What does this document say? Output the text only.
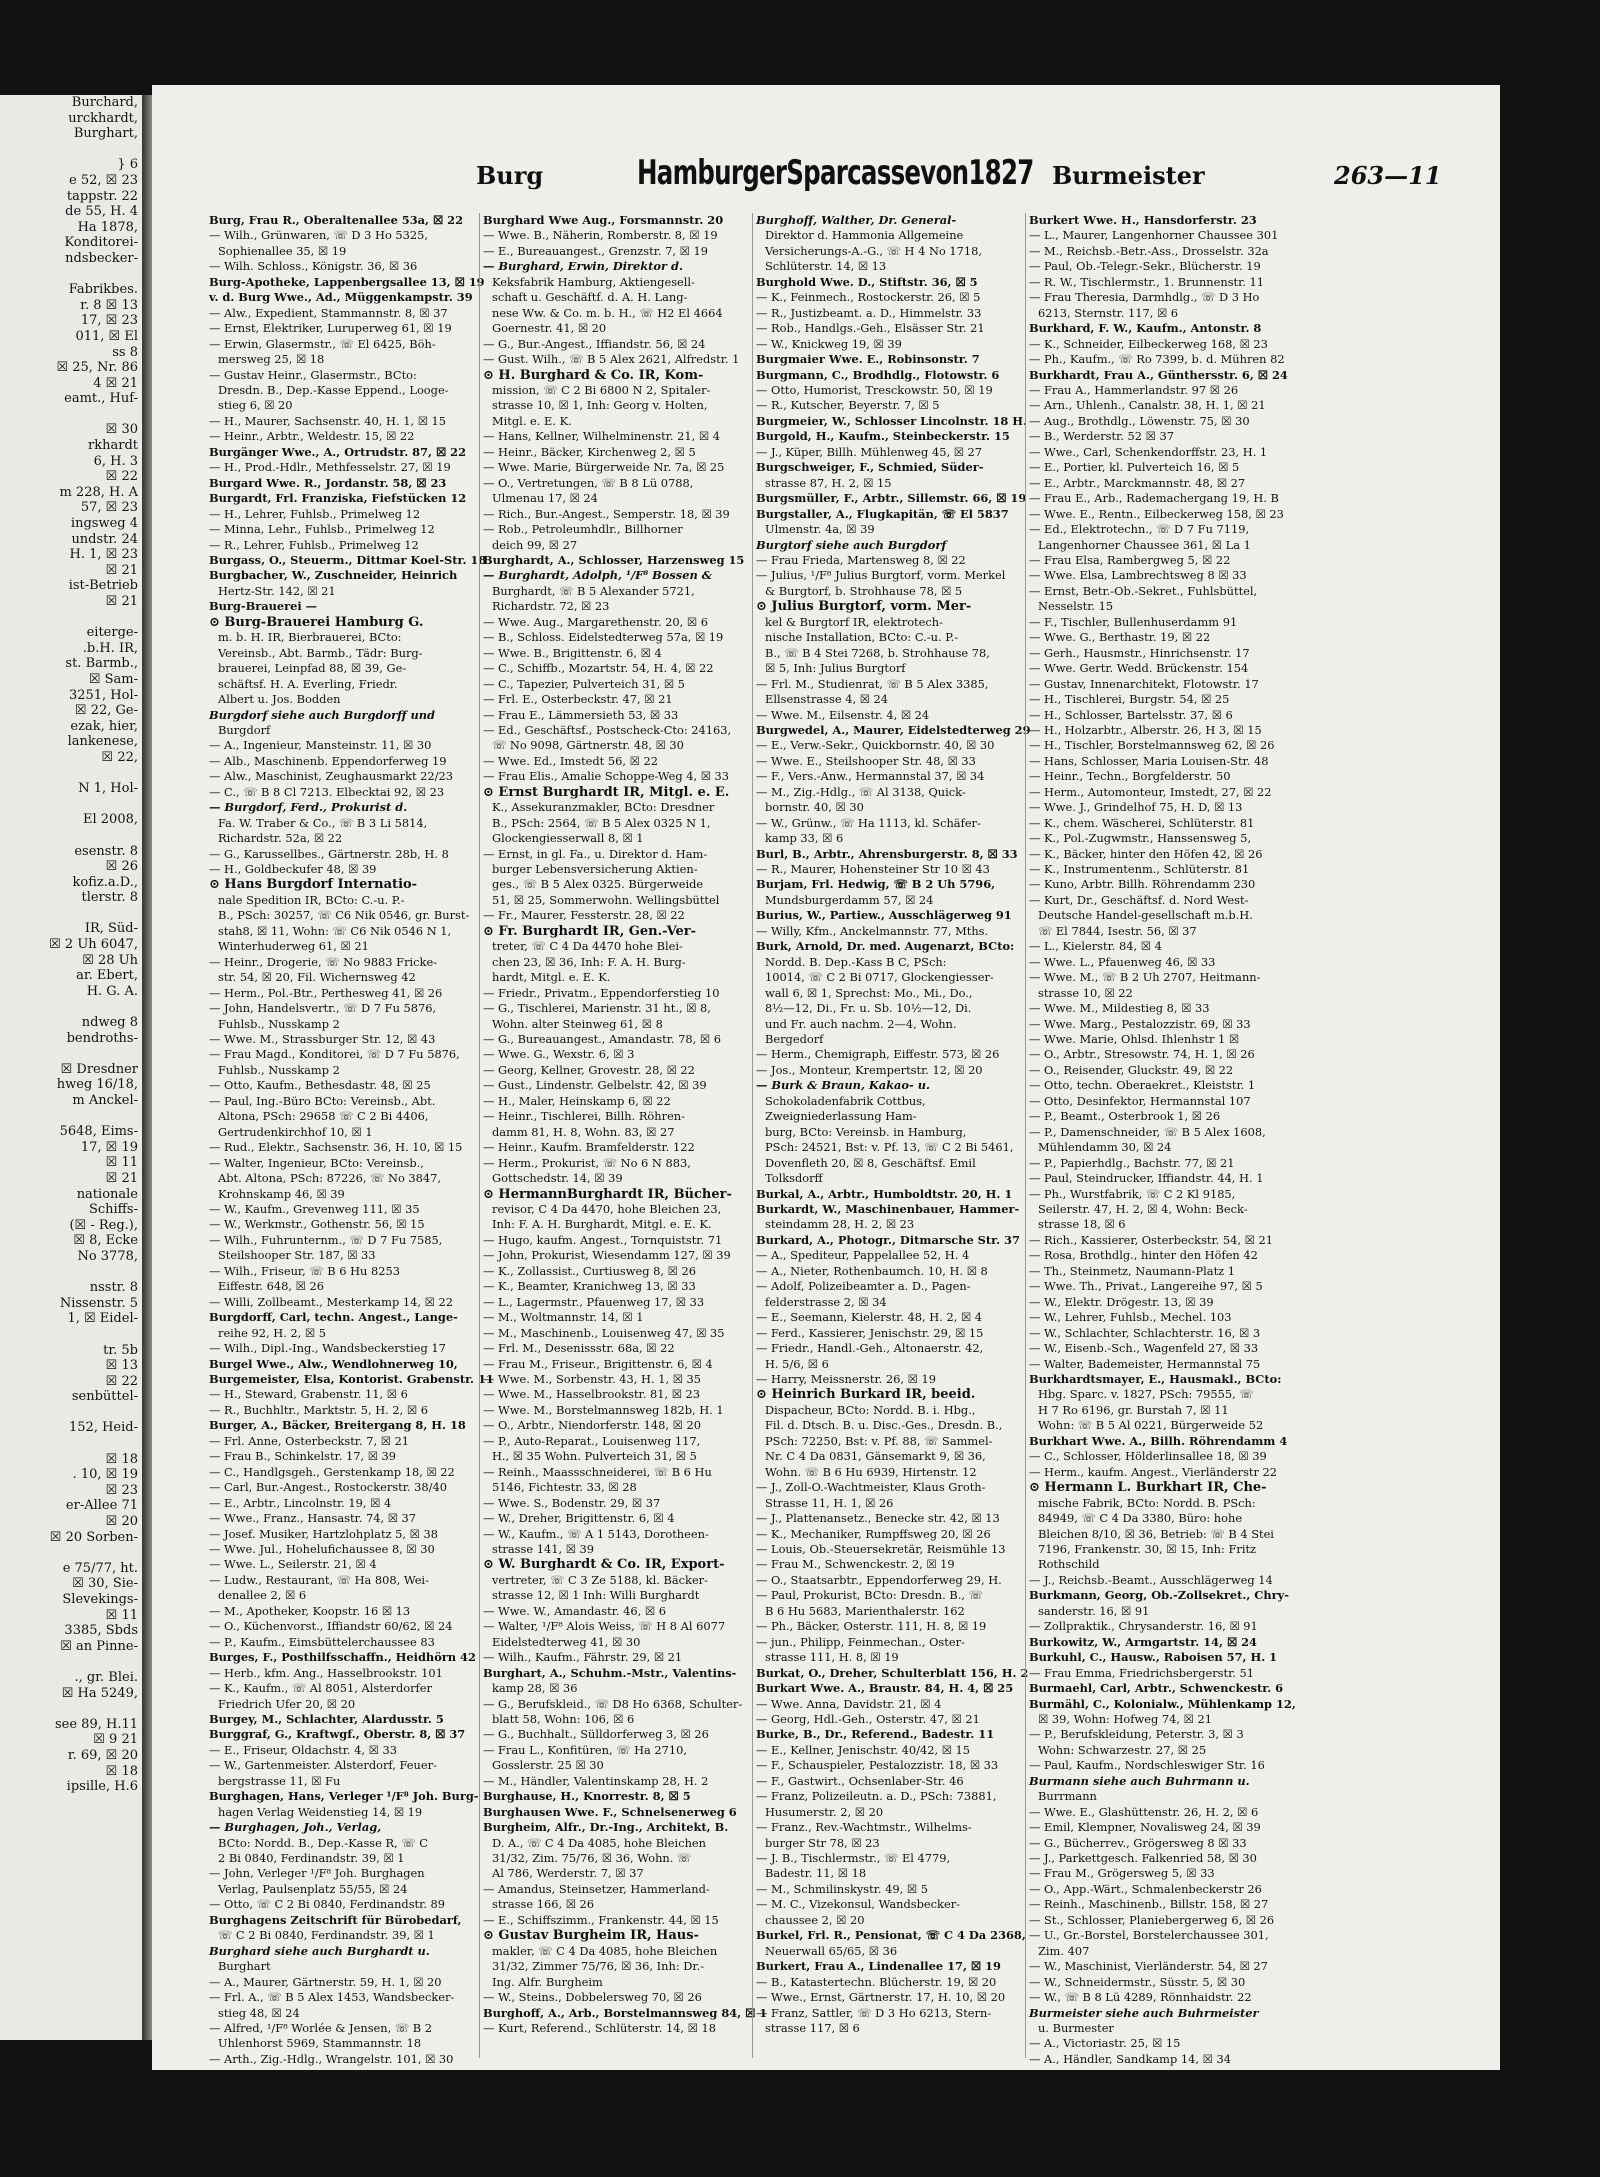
Burchard,
urckhardt,
Burghart,

} 6
e 52, ☒ 23
tappstr. 22
de 55, H. 4
Ha 1878,
Konditorei-
ndsbecker-

Fabrikbes.
r. 8 ☒ 13
17, ☒ 23
011, ☒ El
ss 8
☒ 25, Nr. 86
4 ☒ 21
eamt., Huf-

☒ 30
rkhardt
6, H. 3
☒ 22
m 228, H. A
57, ☒ 23
ingsweg 4
undstr. 24
H. 1, ☒ 23
☒ 21
ist-Betrieb
☒ 21

eiterge-
.b.H. IR,
st. Barmb.,
☒ Sam-
3251, Hol-
☒ 22, Ge-
ezak, hier,
lankenese,
☒ 22,

N 1, Hol-

El 2008,

esenstr. 8
☒ 26
kofiz.a.D.,
tlerstr. 8

IR, Süd-
☒ 2 Uh 6047,
☒ 28 Uh
ar. Ebert,
H. G. A.

ndweg 8
bendroths-

☒ Dresdner
hweg 16/18,
m Anckel-

5648, Eims-
17, ☒ 19
☒ 11
☒ 21
nationale
Schiffs-
(☒ - Reg.),
☒ 8, Ecke
No 3778,

nsstr. 8
Nissenstr. 5
1, ☒ Eidel-

tr. 5b
☒ 13
☒ 22
senbüttel-

152, Heid-

☒ 18
. 10, ☒ 19
☒ 23
er-Allee 71
☒ 20
☒ 20 Sorben-

e 75/77, ht.
☒ 30, Sie-
Slevekings-
☒ 11
3385, Sbds
☒ an Pinne-

., gr. Blei.
☒ Ha 5249,

see 89, H.11
☒ 9 21
r. 69, ☒ 20
☒ 18
ipsille, H.6
Burg	HamburgerSparcassevon1827 Burmeister	263—11
Burg, Frau R., Oberaltenallee 53a, ☒ 22
— Wilh., Grünwaren, ☏ D 3 Ho 5325,
Sophienallee 35, ☒ 19
— Wilh. Schloss., Königstr. 36, ☒ 36
Burg-Apotheke, Lappenbergsallee 13, ☒ 19
v. d. Burg Wwe., Ad., Müggenkampstr. 39
— Alw., Expedient, Stammannstr. 8, ☒ 37
— Ernst, Elektriker, Luruperweg 61, ☒ 19
— Erwin, Glasermstr., ☏ El 6425, Böh-
mersweg 25, ☒ 18
— Gustav Heinr., Glasermstr., BCto:
Dresdn. B., Dep.-Kasse Eppend., Looge-
stieg 6, ☒ 20
— H., Maurer, Sachsenstr. 40, H. 1, ☒ 15
— Heinr., Arbtr., Weldestr. 15, ☒ 22
Burgänger Wwe., A., Ortrudstr. 87, ☒ 22
— H., Prod.-Hdlr., Methfesselstr. 27, ☒ 19
Burgard Wwe. R., Jordanstr. 58, ☒ 23
Burgardt, Frl. Franziska, Fiefstücken 12
— H., Lehrer, Fuhlsb., Primelweg 12
— Minna, Lehr., Fuhlsb., Primelweg 12
— R., Lehrer, Fuhlsb., Primelweg 12
Burgass, O., Steuerm., Dittmar Koel-Str. 18
Burgbacher, W., Zuschneider, Heinrich
Hertz-Str. 142, ☒ 21
Burg-Brauerei —
⊙ Burg-Brauerei Hamburg G.
m. b. H. IR, Bierbrauerei, BCto:
Vereinsb., Abt. Barmb., Tädr: Burg-
brauerei, Leinpfad 88, ☒ 39, Ge-
schäftsf. H. A. Everling, Friedr.
Albert u. Jos. Bodden
Burgdorf siehe auch Burgdorff und
Burgdorf
— A., Ingenieur, Mansteinstr. 11, ☒ 30
— Alb., Maschinenb. Eppendorferweg 19
— Alw., Maschinist, Zeughausmarkt 22/23
— C., ☏ B 8 Cl 7213. Elbecktai 92, ☒ 23
— Burgdorf, Ferd., Prokurist d.
Fa. W. Traber & Co., ☏ B 3 Li 5814,
Richardstr. 52a, ☒ 22
— G., Karussellbes., Gärtnerstr. 28b, H. 8
— H., Goldbeckufer 48, ☒ 39
⊙ Hans Burgdorf Internatio-
nale Spedition IR, BCto: C.-u. P.-
B., PSch: 30257, ☏ C6 Nik 0546, gr. Burst-
stah8, ☒ 11, Wohn: ☏ C6 Nik 0546 N 1,
Winterhuderweg 61, ☒ 21
— Heinr., Drogerie, ☏ No 9883 Fricke-
str. 54, ☒ 20, Fil. Wichernsweg 42
— Herm., Pol.-Btr., Perthesweg 41, ☒ 26
— John, Handelsvertr., ☏ D 7 Fu 5876,
Fuhlsb., Nusskamp 2
— Wwe. M., Strassburger Str. 12, ☒ 43
— Frau Magd., Konditorei, ☏ D 7 Fu 5876,
Fuhlsb., Nusskamp 2
— Otto, Kaufm., Bethesdastr. 48, ☒ 25
— Paul, Ing.-Büro BCto: Vereinsb., Abt.
Altona, PSch: 29658 ☏ C 2 Bi 4406,
Gertrudenkirchhof 10, ☒ 1
— Rud., Elektr., Sachsenstr. 36, H. 10, ☒ 15
— Walter, Ingenieur, BCto: Vereinsb.,
Abt. Altona, PSch: 87226, ☏ No 3847,
Krohnskamp 46, ☒ 39
— W., Kaufm., Grevenweg 111, ☒ 35
— W., Werkmstr., Gothenstr. 56, ☒ 15
— Wilh., Fuhrunternm., ☏ D 7 Fu 7585,
Steilshooper Str. 187, ☒ 33
— Wilh., Friseur, ☏ B 6 Hu 8253
Eiffestr. 648, ☒ 26
— Willi, Zollbeamt., Mesterkamp 14, ☒ 22
Burgdorff, Carl, techn. Angest., Lange-
reihe 92, H. 2, ☒ 5
— Wilh., Dipl.-Ing., Wandsbeckerstieg 17
Burgel Wwe., Alw., Wendlohnerweg 10,
Burgemeister, Elsa, Kontorist. Grabenstr. 11
— H., Steward, Grabenstr. 11, ☒ 6
— R., Buchhltr., Marktstr. 5, H. 2, ☒ 6
Burger, A., Bäcker, Breitergang 8, H. 18
— Frl. Anne, Osterbeckstr. 7, ☒ 21
— Frau B., Schinkelstr. 17, ☒ 39
— C., Handlgsgeh., Gerstenkamp 18, ☒ 22
— Carl, Bur.-Angest., Rostockerstr. 38/40
— E., Arbtr., Lincolnstr. 19, ☒ 4
— Wwe., Franz., Hansastr. 74, ☒ 37
— Josef. Musiker, Hartzlohplatz 5, ☒ 38
— Wwe. Jul., Hohelufichaussee 8, ☒ 30
— Wwe. L., Seilerstr. 21, ☒ 4
— Ludw., Restaurant, ☏ Ha 808, Wei-
denallee 2, ☒ 6
— M., Apotheker, Koopstr. 16 ☒ 13
— O., Küchenvorst., Iffiandstr 60/62, ☒ 24
— P., Kaufm., Eimsbüttelerchaussee 83
Burges, F., Posthilfsschaffn., Heidhörn 42
— Herb., kfm. Ang., Hasselbrookstr. 101
— K., Kaufm., ☏ Al 8051, Alsterdorfer
Friedrich Ufer 20, ☒ 20
Burgey, M., Schlachter, Alardusstr. 5
Burggraf, G., Kraftwgf., Oberstr. 8, ☒ 37
— E., Friseur, Oldachstr. 4, ☒ 33
— W., Gartenmeister. Alsterdorf, Feuer-
bergstrasse 11, ☒ Fu
Burghagen, Hans, Verleger ¹/F⁸ Joh. Burg-
hagen Verlag Weidenstieg 14, ☒ 19
— Burghagen, Joh., Verlag,
BCto: Nordd. B., Dep.-Kasse R, ☏ C
2 Bi 0840, Ferdinandstr. 39, ☒ 1
— John, Verleger ¹/F⁸ Joh. Burghagen
Verlag, Paulsenplatz 55/55, ☒ 24
— Otto, ☏ C 2 Bi 0840, Ferdinandstr. 89
Burghagens Zeitschrift für Bürobedarf,
☏ C 2 Bi 0840, Ferdinandstr. 39, ☒ 1
Burghard siehe auch Burghardt u.
Burghart
— A., Maurer, Gärtnerstr. 59, H. 1, ☒ 20
— Frl. A., ☏ B 5 Alex 1453, Wandsbecker-
stieg 48, ☒ 24
— Alfred, ¹/F⁸ Worlée & Jensen, ☏ B 2
Uhlenhorst 5969, Stammannstr. 18
— Arth., Zig.-Hdlg., Wrangelstr. 101, ☒ 30
Burghard Wwe Aug., Forsmannstr. 20
— Wwe. B., Näherin, Romberstr. 8, ☒ 19
— E., Bureauangest., Grenzstr. 7, ☒ 19
— Burghard, Erwin, Direktor d.
Keksfabrik Hamburg, Aktiengesell-
schaft u. Geschäftf. d. A. H. Lang-
nese Ww. & Co. m. b. H., ☏ H2 El 4664
Goernestr. 41, ☒ 20
— G., Bur.-Angest., Iffiandstr. 56, ☒ 24
— Gust. Wilh., ☏ B 5 Alex 2621, Alfredstr. 1
⊙ H. Burghard & Co. IR, Kom-
mission, ☏ C 2 Bi 6800 N 2, Spitaler-
strasse 10, ☒ 1, Inh: Georg v. Holten,
Mitgl. e. E. K.
— Hans, Kellner, Wilhelminenstr. 21, ☒ 4
— Heinr., Bäcker, Kirchenweg 2, ☒ 5
— Wwe. Marie, Bürgerweide Nr. 7a, ☒ 25
— O., Vertretungen, ☏ B 8 Lü 0788,
Ulmenau 17, ☒ 24
— Rich., Bur.-Angest., Semperstr. 18, ☒ 39
— Rob., Petroleumhdlr., Billhorner
deich 99, ☒ 27
Burghardt, A., Schlosser, Harzensweg 15
— Burghardt, Adolph, ¹/F⁸ Bossen &
Burghardt, ☏ B 5 Alexander 5721,
Richardstr. 72, ☒ 23
— Wwe. Aug., Margarethenstr. 20, ☒ 6
— B., Schloss. Eidelstedterweg 57a, ☒ 19
— Wwe. B., Brigittenstr. 6, ☒ 4
— C., Schiffb., Mozartstr. 54, H. 4, ☒ 22
— C., Tapezier, Pulverteich 31, ☒ 5
— Frl. E., Osterbeckstr. 47, ☒ 21
— Frau E., Lämmersieth 53, ☒ 33
— Ed., Geschäftsf., Postscheck-Cto: 24163,
☏ No 9098, Gärtnerstr. 48, ☒ 30
— Wwe. Ed., Imstedt 56, ☒ 22
— Frau Elis., Amalie Schoppe-Weg 4, ☒ 33
⊙ Ernst Burghardt IR, Mitgl. e. E.
K., Assekuranzmakler, BCto: Dresdner
B., PSch: 2564, ☏ B 5 Alex 0325 N 1,
Glockengiesserwall 8, ☒ 1
— Ernst, in gl. Fa., u. Direktor d. Ham-
burger Lebensversicherung Aktien-
ges., ☏ B 5 Alex 0325. Bürgerweide
51, ☒ 25, Sommerwohn. Wellingsbüttel
— Fr., Maurer, Fessterstr. 28, ☒ 22
⊙ Fr. Burghardt IR, Gen.-Ver-
treter, ☏ C 4 Da 4470 hohe Blei-
chen 23, ☒ 36, Inh: F. A. H. Burg-
hardt, Mitgl. e. E. K.
— Friedr., Privatm., Eppendorferstieg 10
— G., Tischlerei, Marienstr. 31 ht., ☒ 8,
Wohn. alter Steinweg 61, ☒ 8
— G., Bureauangest., Amandastr. 78, ☒ 6
— Wwe. G., Wexstr. 6, ☒ 3
— Georg, Kellner, Grovestr. 28, ☒ 22
— Gust., Lindenstr. Gelbelstr. 42, ☒ 39
— H., Maler, Heinskamp 6, ☒ 22
— Heinr., Tischlerei, Billh. Röhren-
damm 81, H. 8, Wohn. 83, ☒ 27
— Heinr., Kaufm. Bramfelderstr. 122
— Herm., Prokurist, ☏ No 6 N 883,
Gottschedstr. 14, ☒ 39
⊙ HermannBurghardt IR, Bücher-
revisor, C 4 Da 4470, hohe Bleichen 23,
Inh: F. A. H. Burghardt, Mitgl. e. E. K.
— Hugo, kaufm. Angest., Tornquiststr. 71
— John, Prokurist, Wiesendamm 127, ☒ 39
— K., Zollassist., Curtiusweg 8, ☒ 26
— K., Beamter, Kranichweg 13, ☒ 33
— L., Lagermstr., Pfauenweg 17, ☒ 33
— M., Woltmannstr. 14, ☒ 1
— M., Maschinenb., Louisenweg 47, ☒ 35
— Frl. M., Desenissstr. 68a, ☒ 22
— Frau M., Friseur., Brigittenstr. 6, ☒ 4
— Wwe. M., Sorbenstr. 43, H. 1, ☒ 35
— Wwe. M., Hasselbrookstr. 81, ☒ 23
— Wwe. M., Borstelmannsweg 182b, H. 1
— O., Arbtr., Niendorferstr. 148, ☒ 20
— P., Auto-Reparat., Louisenweg 117,
H., ☒ 35 Wohn. Pulverteich 31, ☒ 5
— Reinh., Maassschneiderei, ☏ B 6 Hu
5146, Fichtestr. 33, ☒ 28
— Wwe. S., Bodenstr. 29, ☒ 37
— W., Dreher, Brigittenstr. 6, ☒ 4
— W., Kaufm., ☏ A 1 5143, Dorotheen-
strasse 141, ☒ 39
⊙ W. Burghardt & Co. IR, Export-
vertreter, ☏ C 3 Ze 5188, kl. Bäcker-
strasse 12, ☒ 1 Inh: Willi Burghardt
— Wwe. W., Amandastr. 46, ☒ 6
— Walter, ¹/F⁸ Alois Weiss, ☏ H 8 Al 6077
Eidelstedterweg 41, ☒ 30
— Wilh., Kaufm., Fährstr. 29, ☒ 21
Burghart, A., Schuhm.-Mstr., Valentins-
kamp 28, ☒ 36
— G., Berufskleid., ☏ D8 Ho 6368, Schulter-
blatt 58, Wohn: 106, ☒ 6
— G., Buchhalt., Sülldorferweg 3, ☒ 26
— Frau L., Konfitüren, ☏ Ha 2710,
Gosslerstr. 25 ☒ 30
— M., Händler, Valentinskamp 28, H. 2
Burghause, H., Knorrestr. 8, ☒ 5
Burghausen Wwe. F., Schnelsenerweg 6
Burgheim, Alfr., Dr.-Ing., Architekt, B.
D. A., ☏ C 4 Da 4085, hohe Bleichen
31/32, Zim. 75/76, ☒ 36, Wohn. ☏
Al 786, Werderstr. 7, ☒ 37
— Amandus, Steinsetzer, Hammerland-
strasse 166, ☒ 26
— E., Schiffszimm., Frankenstr. 44, ☒ 15
⊙ Gustav Burgheim IR, Haus-
makler, ☏ C 4 Da 4085, hohe Bleichen
31/32, Zimmer 75/76, ☒ 36, Inh: Dr.-
Ing. Alfr. Burgheim
— W., Steins., Dobbelersweg 70, ☒ 26
Burghoff, A., Arb., Borstelmannsweg 84, ☒ 1
— Kurt, Referend., Schlüterstr. 14, ☒ 18
Burghoff, Walther, Dr. General-
Direktor d. Hammonia Allgemeine
Versicherungs-A.-G., ☏ H 4 No 1718,
Schlüterstr. 14, ☒ 13
Burghold Wwe. D., Stiftstr. 36, ☒ 5
— K., Feinmech., Rostockerstr. 26, ☒ 5
— R., Justizbeamt. a. D., Himmelstr. 33
— Rob., Handlgs.-Geh., Elsässer Str. 21
— W., Knickweg 19, ☒ 39
Burgmaier Wwe. E., Robinsonstr. 7
Burgmann, C., Brodhdlg., Flotowstr. 6
— Otto, Humorist, Tresckowstr. 50, ☒ 19
— R., Kutscher, Beyerstr. 7, ☒ 5
Burgmeier, W., Schlosser Lincolnstr. 18 H.
Burgold, H., Kaufm., Steinbeckerstr. 15
— J., Küper, Billh. Mühlenweg 45, ☒ 27
Burgschweiger, F., Schmied, Süder-
strasse 87, H. 2, ☒ 15
Burgsmüller, F., Arbtr., Sillemstr. 66, ☒ 19
Burgstaller, A., Flugkapitän, ☏ El 5837
Ulmenstr. 4a, ☒ 39
Burgtorf siehe auch Burgdorf
— Frau Frieda, Martensweg 8, ☒ 22
— Julius, ¹/F⁸ Julius Burgtorf, vorm. Merkel
& Burgtorf, b. Strohhause 78, ☒ 5
⊙ Julius Burgtorf, vorm. Mer-
kel & Burgtorf IR, elektrotech-
nische Installation, BCto: C.-u. P.-
B., ☏ B 4 Stei 7268, b. Strohhause 78,
☒ 5, Inh: Julius Burgtorf
— Frl. M., Studienrat, ☏ B 5 Alex 3385,
Ellsenstrasse 4, ☒ 24
— Wwe. M., Eilsenstr. 4, ☒ 24
Burgwedel, A., Maurer, Eidelstedterweg 29
— E., Verw.-Sekr., Quickbornstr. 40, ☒ 30
— Wwe. E., Steilshooper Str. 48, ☒ 33
— F., Vers.-Anw., Hermannstal 37, ☒ 34
— M., Zig.-Hdlg., ☏ Al 3138, Quick-
bornstr. 40, ☒ 30
— W., Grünw., ☏ Ha 1113, kl. Schäfer-
kamp 33, ☒ 6
Burl, B., Arbtr., Ahrensburgerstr. 8, ☒ 33
— R., Maurer, Hohensteiner Str 10 ☒ 43
Burjam, Frl. Hedwig, ☏ B 2 Uh 5796,
Mundsburgerdamm 57, ☒ 24
Burius, W., Partiew., Ausschlägerweg 91
— Willy, Kfm., Anckelmannstr. 77, Mths.
Burk, Arnold, Dr. med. Augenarzt, BCto:
Nordd. B. Dep.-Kass B C, PSch:
10014, ☏ C 2 Bi 0717, Glockengiesser-
wall 6, ☒ 1, Sprechst: Mo., Mi., Do.,
8½—12, Di., Fr. u. Sb. 10½—12, Di.
und Fr. auch nachm. 2—4, Wohn.
Bergedorf
— Herm., Chemigraph, Eiffestr. 573, ☒ 26
— Jos., Monteur, Krempertstr. 12, ☒ 20
— Burk & Braun, Kakao- u.
Schokoladenfabrik Cottbus,
Zweigniederlassung Ham-
burg, BCto: Vereinsb. in Hamburg,
PSch: 24521, Bst: v. Pf. 13, ☏ C 2 Bi 5461,
Dovenfleth 20, ☒ 8, Geschäftsf. Emil
Tolksdorff
Burkal, A., Arbtr., Humboldtstr. 20, H. 1
Burkardt, W., Maschinenbauer, Hammer-
steindamm 28, H. 2, ☒ 23
Burkard, A., Photogr., Ditmarsche Str. 37
— A., Spediteur, Pappelallee 52, H. 4
— A., Nieter, Rothenbaumch. 10, H. ☒ 8
— Adolf, Polizeibeamter a. D., Pagen-
felderstrasse 2, ☒ 34
— E., Seemann, Kielerstr. 48, H. 2, ☒ 4
— Ferd., Kassierer, Jenischstr. 29, ☒ 15
— Friedr., Handl.-Geh., Altonaerstr. 42,
H. 5/6, ☒ 6
— Harry, Meissnerstr. 26, ☒ 19
⊙ Heinrich Burkard IR, beeid.
Dispacheur, BCto: Nordd. B. i. Hbg.,
Fil. d. Dtsch. B. u. Disc.-Ges., Dresdn. B.,
PSch: 72250, Bst: v. Pf. 88, ☏ Sammel-
Nr. C 4 Da 0831, Gänsemarkt 9, ☒ 36,
Wohn. ☏ B 6 Hu 6939, Hirtenstr. 12
— J., Zoll-O.-Wachtmeister, Klaus Groth-
Strasse 11, H. 1, ☒ 26
— J., Plattenansetz., Benecke str. 42, ☒ 13
— K., Mechaniker, Rumpffsweg 20, ☒ 26
— Louis, Ob.-Steuersekretär, Reismühle 13
— Frau M., Schwenckestr. 2, ☒ 19
— O., Staatsarbtr., Eppendorferweg 29, H.
— Paul, Prokurist, BCto: Dresdn. B., ☏
B 6 Hu 5683, Marienthalerstr. 162
— Ph., Bäcker, Osterstr. 111, H. 8, ☒ 19
— jun., Philipp, Feinmechan., Oster-
strasse 111, H. 8, ☒ 19
Burkat, O., Dreher, Schulterblatt 156, H. 2
Burkart Wwe. A., Braustr. 84, H. 4, ☒ 25
— Wwe. Anna, Davidstr. 21, ☒ 4
— Georg, Hdl.-Geh., Osterstr. 47, ☒ 21
Burke, B., Dr., Referend., Badestr. 11
— E., Kellner, Jenischstr. 40/42, ☒ 15
— F., Schauspieler, Pestalozzistr. 18, ☒ 33
— F., Gastwirt., Ochsenlaber-Str. 46
— Franz, Polizeileutn. a. D., PSch: 73881,
Husumerstr. 2, ☒ 20
— Franz., Rev.-Wachtmstr., Wilhelms-
burger Str 78, ☒ 23
— J. B., Tischlermstr., ☏ El 4779,
Badestr. 11, ☒ 18
— M., Schmilinskystr. 49, ☒ 5
— M. C., Vizekonsul, Wandsbecker-
chaussee 2, ☒ 20
Burkel, Frl. R., Pensionat, ☏ C 4 Da 2368,
Neuerwall 65/65, ☒ 36
Burkert, Frau A., Lindenallee 17, ☒ 19
— B., Katastertechn. Blücherstr. 19, ☒ 20
— Wwe., Ernst, Gärtnerstr. 17, H. 10, ☒ 20
— Franz, Sattler, ☏ D 3 Ho 6213, Stern-
strasse 117, ☒ 6
Burkert Wwe. H., Hansdorferstr. 23
— L., Maurer, Langenhorner Chaussee 301
— M., Reichsb.-Betr.-Ass., Drosselstr. 32a
— Paul, Ob.-Telegr.-Sekr., Blücherstr. 19
— R. W., Tischlermstr., 1. Brunnenstr. 11
— Frau Theresia, Darmhdlg., ☏ D 3 Ho
6213, Sternstr. 117, ☒ 6
Burkhard, F. W., Kaufm., Antonstr. 8
— K., Schneider, Eilbeckerweg 168, ☒ 23
— Ph., Kaufm., ☏ Ro 7399, b. d. Mühren 82
Burkhardt, Frau A., Günthersstr. 6, ☒ 24
— Frau A., Hammerlandstr. 97 ☒ 26
— Arn., Uhlenh., Canalstr. 38, H. 1, ☒ 21
— Aug., Brothdlg., Löwenstr. 75, ☒ 30
— B., Werderstr. 52 ☒ 37
— Wwe., Carl, Schenkendorffstr. 23, H. 1
— E., Portier, kl. Pulverteich 16, ☒ 5
— E., Arbtr., Marckmannstr. 48, ☒ 27
— Frau E., Arb., Rademachergang 19, H. B
— Wwe. E., Rentn., Eilbeckerweg 158, ☒ 23
— Ed., Elektrotechn., ☏ D 7 Fu 7119,
Langenhorner Chaussee 361, ☒ La 1
— Frau Elsa, Rambergweg 5, ☒ 22
— Wwe. Elsa, Lambrechtsweg 8 ☒ 33
— Ernst, Betr.-Ob.-Sekret., Fuhlsbüttel,
Nesselstr. 15
— F., Tischler, Bullenhuserdamm 91
— Wwe. G., Berthastr. 19, ☒ 22
— Gerh., Hausmstr., Hinrichsenstr. 17
— Wwe. Gertr. Wedd. Brückenstr. 154
— Gustav, Innenarchitekt, Flotowstr. 17
— H., Tischlerei, Burgstr. 54, ☒ 25
— H., Schlosser, Bartelsstr. 37, ☒ 6
— H., Holzarbtr., Alberstr. 26, H 3, ☒ 15
— H., Tischler, Borstelmannsweg 62, ☒ 26
— Hans, Schlosser, Maria Louisen-Str. 48
— Heinr., Techn., Borgfelderstr. 50
— Herm., Automonteur, Imstedt, 27, ☒ 22
— Wwe. J., Grindelhof 75, H. D, ☒ 13
— K., chem. Wäscherei, Schlüterstr. 81
— K., Pol.-Zugwmstr., Hanssensweg 5,
— K., Bäcker, hinter den Höfen 42, ☒ 26
— K., Instrumentenm., Schlüterstr. 81
— Kuno, Arbtr. Billh. Röhrendamm 230
— Kurt, Dr., Geschäftsf. d. Nord West-
Deutsche Handel-gesellschaft m.b.H.
☏ El 7844, Isestr. 56, ☒ 37
— L., Kielerstr. 84, ☒ 4
— Wwe. L., Pfauenweg 46, ☒ 33
— Wwe. M., ☏ B 2 Uh 2707, Heitmann-
strasse 10, ☒ 22
— Wwe. M., Mildestieg 8, ☒ 33
— Wwe. Marg., Pestalozzistr. 69, ☒ 33
— Wwe. Marie, Ohlsd. Ihlenhstr 1 ☒
— O., Arbtr., Stresowstr. 74, H. 1, ☒ 26
— O., Reisender, Gluckstr. 49, ☒ 22
— Otto, techn. Oberaekret., Kleiststr. 1
— Otto, Desinfektor, Hermannstal 107
— P., Beamt., Osterbrook 1, ☒ 26
— P., Damenschneider, ☏ B 5 Alex 1608,
Mühlendamm 30, ☒ 24
— P., Papierhdlg., Bachstr. 77, ☒ 21
— Paul, Steindrucker, Iffiandstr. 44, H. 1
— Ph., Wurstfabrik, ☏ C 2 Kl 9185,
Seilerstr. 47, H. 2, ☒ 4, Wohn: Beck-
strasse 18, ☒ 6
— Rich., Kassierer, Osterbeckstr. 54, ☒ 21
— Rosa, Brothdlg., hinter den Höfen 42
— Th., Steinmetz, Naumann-Platz 1
— Wwe. Th., Privat., Langereihe 97, ☒ 5
— W., Elektr. Drögestr. 13, ☒ 39
— W., Lehrer, Fuhlsb., Mechel. 103
— W., Schlachter, Schlachterstr. 16, ☒ 3
— W., Eisenb.-Sch., Wagenfeld 27, ☒ 33
— Walter, Bademeister, Hermannstal 75
Burkhardtsmayer, E., Hausmakl., BCto:
Hbg. Sparc. v. 1827, PSch: 79555, ☏
H 7 Ro 6196, gr. Burstah 7, ☒ 11
Wohn: ☏ B 5 Al 0221, Bürgerweide 52
Burkhart Wwe. A., Billh. Röhrendamm 4
— C., Schlosser, Hölderlinsallee 18, ☒ 39
— Herm., kaufm. Angest., Vierländerstr 22
⊙ Hermann L. Burkhart IR, Che-
mische Fabrik, BCto: Nordd. B. PSch:
84949, ☏ C 4 Da 3380, Büro: hohe
Bleichen 8/10, ☒ 36, Betrieb: ☏ B 4 Stei
7196, Frankenstr. 30, ☒ 15, Inh: Fritz
Rothschild
— J., Reichsb.-Beamt., Ausschlägerweg 14
Burkmann, Georg, Ob.-Zollsekret., Chry-
sanderstr. 16, ☒ 91
— Zollpraktik., Chrysanderstr. 16, ☒ 91
Burkowitz, W., Armgartstr. 14, ☒ 24
Burkuhl, C., Hausw., Raboisen 57, H. 1
— Frau Emma, Friedrichsbergerstr. 51
Burmaehl, Carl, Arbtr., Schwenckestr. 6
Burmähl, C., Kolonialw., Mühlenkamp 12,
☒ 39, Wohn: Hofweg 74, ☒ 21
— P., Berufskleidung, Peterstr. 3, ☒ 3
Wohn: Schwarzestr. 27, ☒ 25
— Paul, Kaufm., Nordschleswiger Str. 16
Burmann siehe auch Buhrmann u.
Burrmann
— Wwe. E., Glashüttenstr. 26, H. 2, ☒ 6
— Emil, Klempner, Novalisweg 24, ☒ 39
— G., Bücherrev., Grögersweg 8 ☒ 33
— J., Parkettgesch. Falkenried 58, ☒ 30
— Frau M., Grögersweg 5, ☒ 33
— O., App.-Wärt., Schmalenbeckerstr 26
— Reinh., Maschinenb., Billstr. 158, ☒ 27
— St., Schlosser, Planiebergerweg 6, ☒ 26
— U., Gr.-Borstel, Borstelerchaussee 301,
Zim. 407
— W., Maschinist, Vierländerstr. 54, ☒ 27
— W., Schneidermstr., Süsstr. 5, ☒ 30
— W., ☏ B 8 Lü 4289, Rönnhaidstr. 22
Burmeister siehe auch Buhrmeister
u. Burmester
— A., Victoriastr. 25, ☒ 15
— A., Händler, Sandkamp 14, ☒ 34
